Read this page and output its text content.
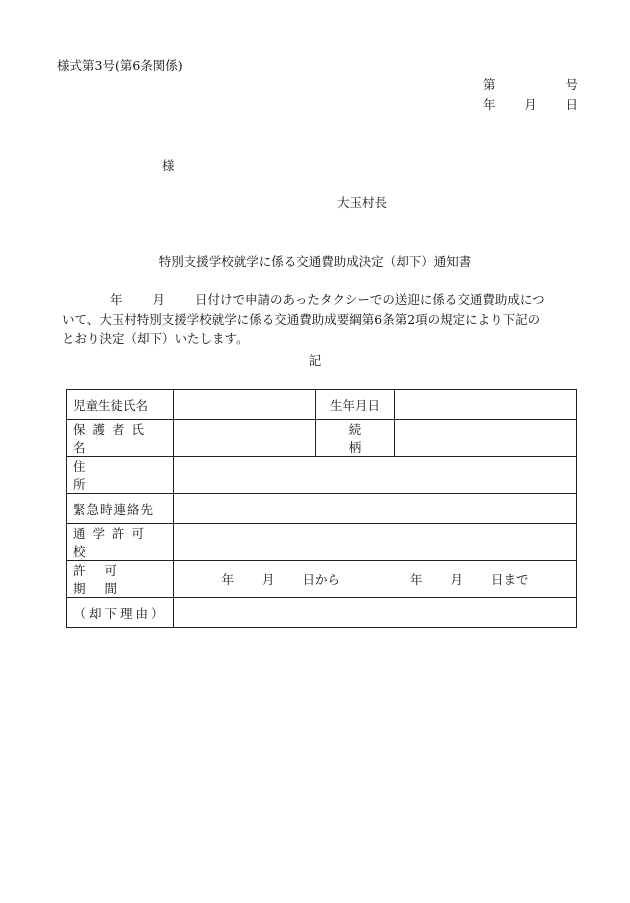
様式第3号(第6条関係)
第	号
年 月 日
様
大玉村長
特別支援学校就学に係る交通費助成決定（却下）通知書
年 月 日付けで申請のあったタクシーでの送迎に係る交通費助成につ
いて、大玉村特別支援学校就学に係る交通費助成要綱第6条第2項の規定により下記の
とおり決定（却下）いたします。
記
児童生徒氏名		生年月日	
保護者氏名		続柄	
住所			
緊急時連絡先			
通学許可校			
許可期間	年 月 日から 年 月 日まで		
（却下理由）			
